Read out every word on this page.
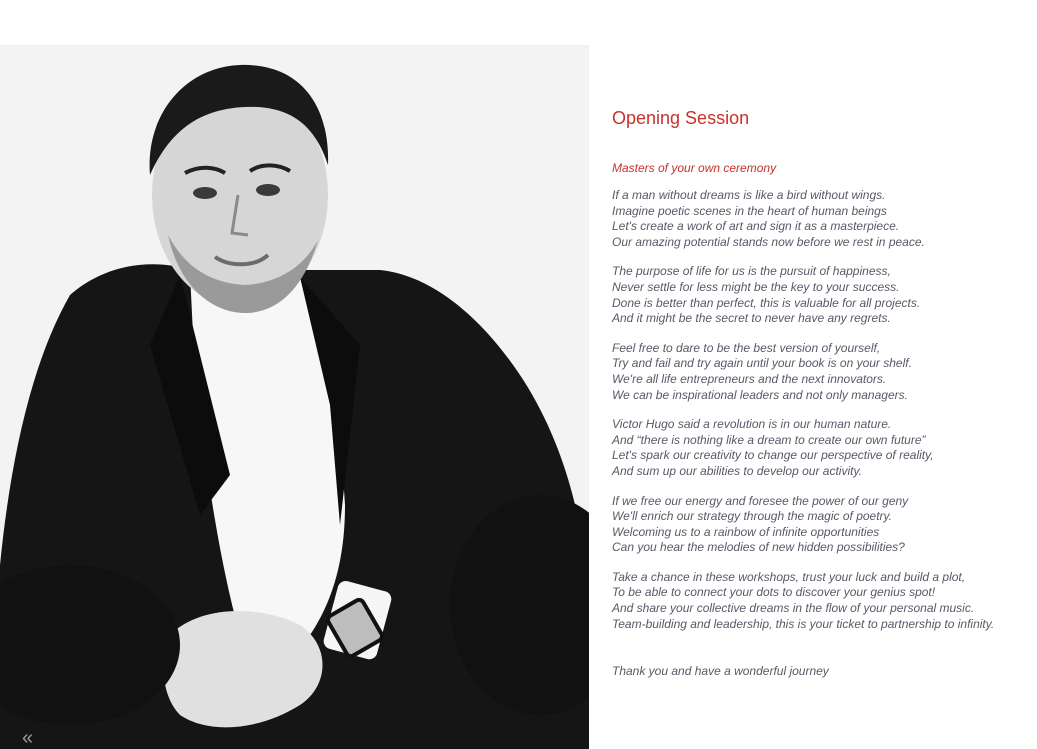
«
Opening Session

Masters of your own ceremony

If a man without dreams is like a bird without wings.
Imagine poetic scenes in the heart of human beings
Let's create a work of art and sign it as a masterpiece.
Our amazing potential stands now before we rest in peace.
The purpose of life for us is the pursuit of happiness,
Never settle for less might be the key to your success.
Done is better than perfect, this is valuable for all projects.
And it might be the secret to never have any regrets.
Feel free to dare to be the best version of yourself,
Try and fail and try again until your book is on your shelf.
We're all life entrepreneurs and the next innovators.
We can be inspirational leaders and not only managers.
Victor Hugo said a revolution is in our human nature.
And “there is nothing like a dream to create our own future”
Let's spark our creativity to change our perspective of reality,
And sum up our abilities to develop our activity.
If we free our energy and foresee the power of our geny
We'll enrich our strategy through the magic of poetry.
Welcoming us to a rainbow of infinite opportunities
Can you hear the melodies of new hidden possibilities?
Take a chance in these workshops, trust your luck and build a plot,
To be able to connect your dots to discover your genius spot!
And share your collective dreams in the flow of your personal music.
Team-building and leadership, this is your ticket to partnership to infinity.

Thank you and have a wonderful journey
